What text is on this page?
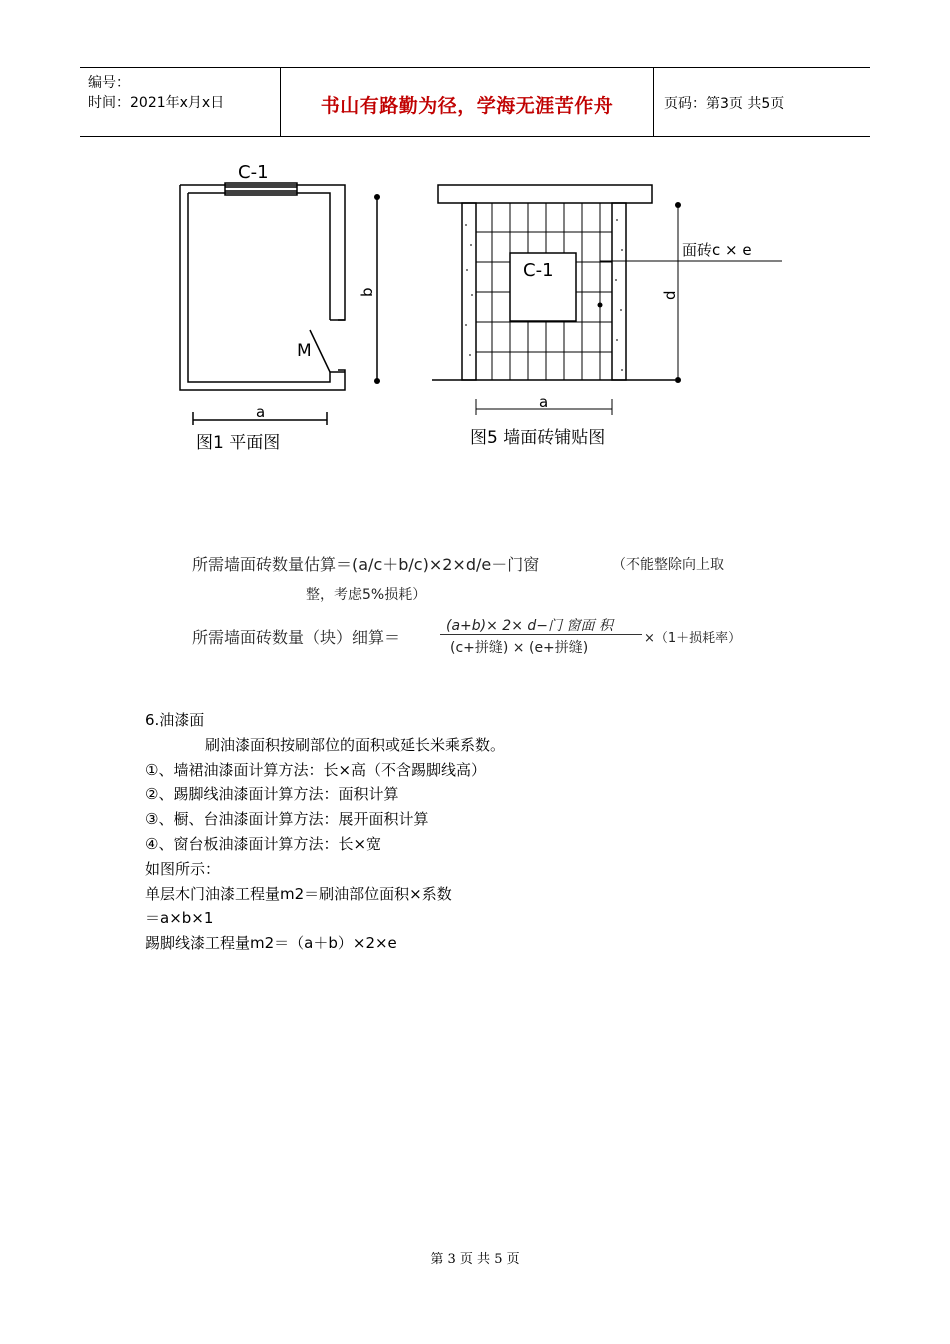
编号：
时间：2021年x月x日	书山有路勤为径，学海无涯苦作舟	页码：第3页 共5页
C-1
b
M
a
图1 平面图
C-1
面砖c × e
d
a
图5 墙面砖铺贴图
所需墙面砖数量估算＝(a/c＋b/c)×2×d/e－门窗	（不能整除向上取
整，考虑5%损耗）
所需墙面砖数量（块）细算＝
(a+b)× 2× d−门 窗面 积
(c+拼缝) × (e+拼缝)
×（1＋损耗率）
6.油漆面
　　　　刷油漆面积按刷部位的面积或延长米乘系数。
①、墙裙油漆面计算方法：长×高（不含踢脚线高）
②、踢脚线油漆面计算方法：面积计算
③、橱、台油漆面计算方法：展开面积计算
④、窗台板油漆面计算方法：长×宽
如图所示：
单层木门油漆工程量m2＝刷油部位面积×系数
＝a×b×1
踢脚线漆工程量m2＝（a＋b）×2×e
第 3 页 共 5 页
